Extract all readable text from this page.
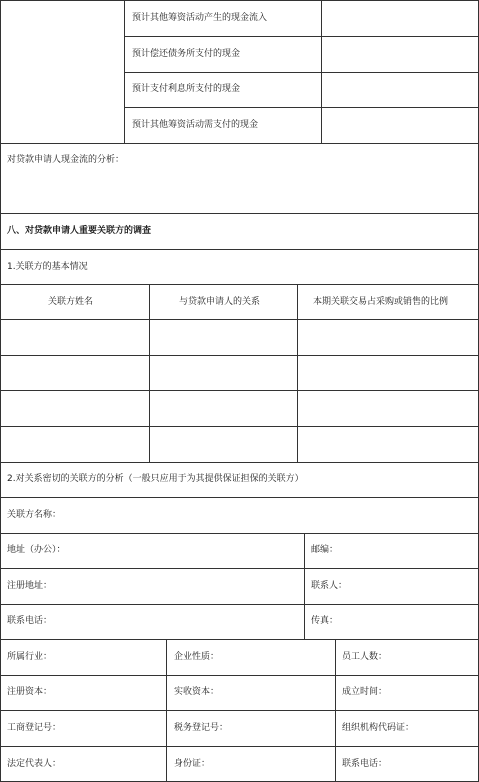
预计其他筹资活动产生的现金流入
预计偿还债务所支付的现金
预计支付利息所支付的现金
预计其他筹资活动需支付的现金
对贷款申请人现金流的分析：
八、对贷款申请人重要关联方的调查
1.关联方的基本情况
关联方姓名	与贷款申请人的关系	本期关联交易占采购或销售的比例
2.对关系密切的关联方的分析（一般只应用于为其提供保证担保的关联方）
关联方名称：
地址（办公）：	邮编：
注册地址：	联系人：
联系电话：	传真：
所属行业：	企业性质：	员工人数：
注册资本：	实收资本：	成立时间：
工商登记号：	税务登记号：	组织机构代码证：
法定代表人：	身份证：	联系电话：
